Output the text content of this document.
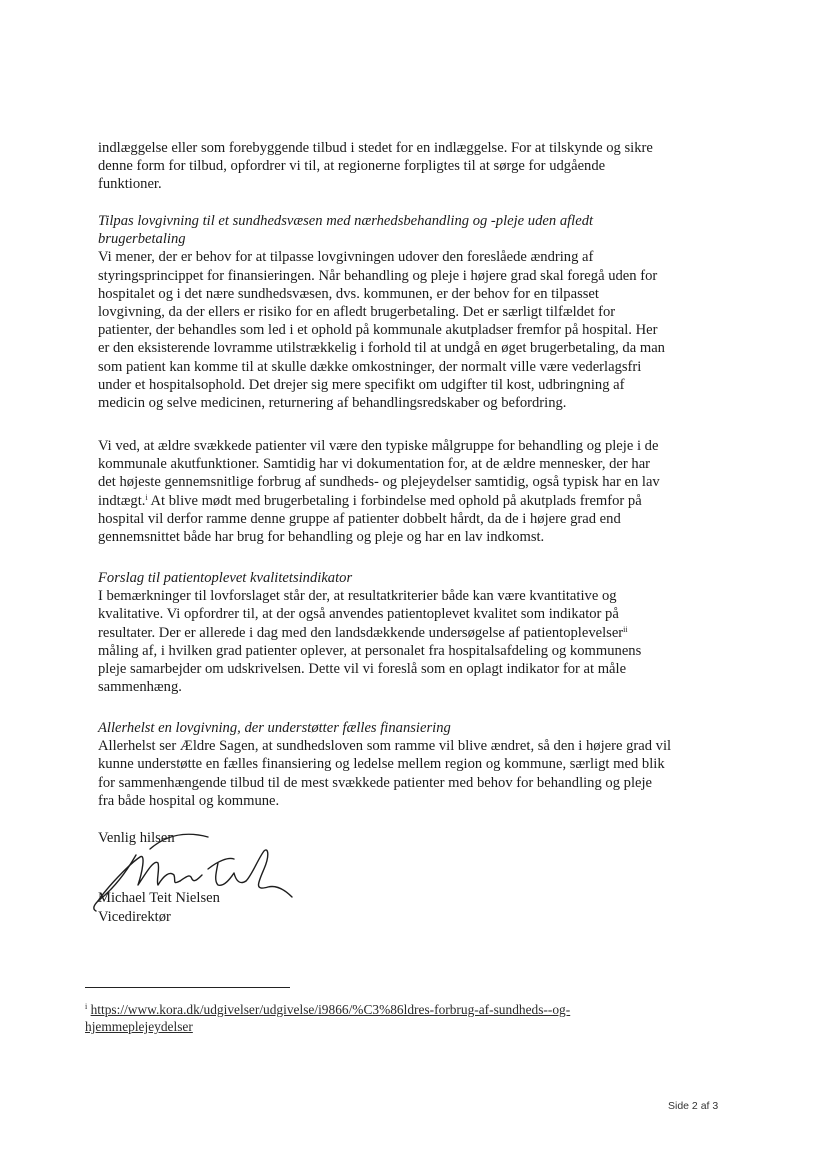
indlæggelse eller som forebyggende tilbud i stedet for en indlæggelse. For at tilskynde og sikre
denne form for tilbud, opfordrer vi til, at regionerne forpligtes til at sørge for udgående
funktioner.

Tilpas lovgivning til et sundhedsvæsen med nærhedsbehandling og -pleje uden afledt
brugerbetaling
Vi mener, der er behov for at tilpasse lovgivningen udover den foreslåede ændring af
styringsprincippet for finansieringen. Når behandling og pleje i højere grad skal foregå uden for
hospitalet og i det nære sundhedsvæsen, dvs. kommunen, er der behov for en tilpasset
lovgivning, da der ellers er risiko for en afledt brugerbetaling. Det er særligt tilfældet for
patienter, der behandles som led i et ophold på kommunale akutpladser fremfor på hospital. Her
er den eksisterende lovramme utilstrækkelig i forhold til at undgå en øget brugerbetaling, da man
som patient kan komme til at skulle dække omkostninger, der normalt ville være vederlagsfri
under et hospitalsophold. Det drejer sig mere specifikt om udgifter til kost, udbringning af
medicin og selve medicinen, returnering af behandlingsredskaber og befordring.
Vi ved, at ældre svækkede patienter vil være den typiske målgruppe for behandling og pleje i de
kommunale akutfunktioner. Samtidig har vi dokumentation for, at de ældre mennesker, der har
det højeste gennemsnitlige forbrug af sundheds- og plejeydelser samtidig, også typisk har en lav
indtægt.$^i$ At blive mødt med brugerbetaling i forbindelse med ophold på akutplads fremfor på
hospital vil derfor ramme denne gruppe af patienter dobbelt hårdt, da de i højere grad end
gennemsnittet både har brug for behandling og pleje og har en lav indkomst.
Forslag til patientoplevet kvalitetsindikator
I bemærkninger til lovforslaget står der, at resultatkriterier både kan være kvantitative og
kvalitative. Vi opfordrer til, at der også anvendes patientoplevet kvalitet som indikator på
resultater. Der er allerede i dag med den landsdækkende undersøgelse af patientoplevelser$^{ii}$
måling af, i hvilken grad patienter oplever, at personalet fra hospitalsafdeling og kommunens
pleje samarbejder om udskrivelsen. Dette vil vi foreslå som en oplagt indikator for at måle
sammenhæng.
Allerhelst en lovgivning, der understøtter fælles finansiering
Allerhelst ser Ældre Sagen, at sundhedsloven som ramme vil blive ændret, så den i højere grad vil
kunne understøtte en fælles finansiering og ledelse mellem region og kommune, særligt med blik
for sammenhængende tilbud til de mest svækkede patienter med behov for behandling og pleje
fra både hospital og kommune.
Venlig hilsen
Michael Teit Nielsen
Vicedirektør
$^i$ https://www.kora.dk/udgivelser/udgivelse/i9866/%C3%86ldres-forbrug-af-sundheds--og-
hjemmeplejeydelser
Side 2 af 3
